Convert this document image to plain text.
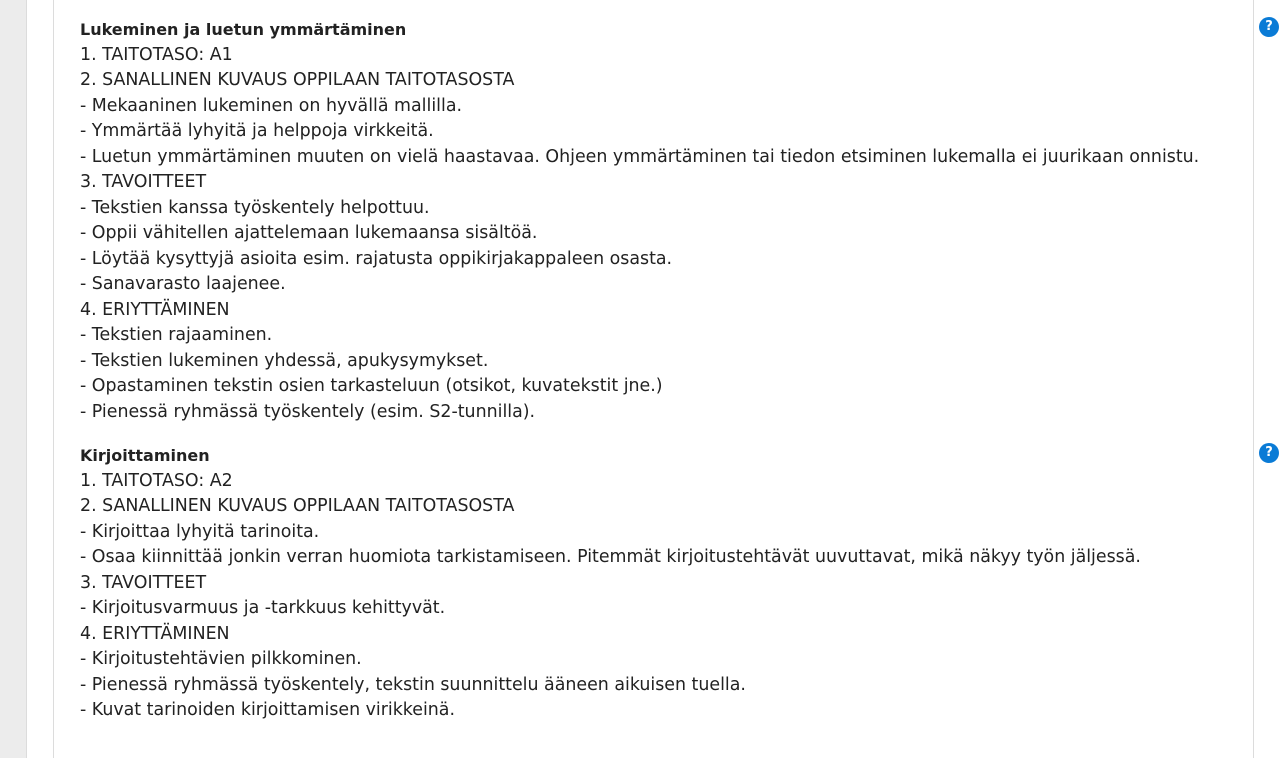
Lukeminen ja luetun ymmärtäminen
1. TAITOTASO: A1
2. SANALLINEN KUVAUS OPPILAAN TAITOTASOSTA
- Mekaaninen lukeminen on hyvällä mallilla.
- Ymmärtää lyhyitä ja helppoja virkkeitä.
- Luetun ymmärtäminen muuten on vielä haastavaa. Ohjeen ymmärtäminen tai tiedon etsiminen lukemalla ei juurikaan onnistu.
3. TAVOITTEET
- Tekstien kanssa työskentely helpottuu.
- Oppii vähitellen ajattelemaan lukemaansa sisältöä.
- Löytää kysyttyjä asioita esim. rajatusta oppikirjakappaleen osasta.
- Sanavarasto laajenee.
4. ERIYTTÄMINEN
- Tekstien rajaaminen.
- Tekstien lukeminen yhdessä, apukysymykset.
- Opastaminen tekstin osien tarkasteluun (otsikot, kuvatekstit jne.)
- Pienessä ryhmässä työskentely (esim. S2-tunnilla).
Kirjoittaminen
1. TAITOTASO: A2
2. SANALLINEN KUVAUS OPPILAAN TAITOTASOSTA
- Kirjoittaa lyhyitä tarinoita.
- Osaa kiinnittää jonkin verran huomiota tarkistamiseen. Pitemmät kirjoitustehtävät uuvuttavat, mikä näkyy työn jäljessä.
3. TAVOITTEET
- Kirjoitusvarmuus ja -tarkkuus kehittyvät.
4. ERIYTTÄMINEN
- Kirjoitustehtävien pilkkominen.
- Pienessä ryhmässä työskentely, tekstin suunnittelu ääneen aikuisen tuella.
- Kuvat tarinoiden kirjoittamisen virikkeinä.
?
?
